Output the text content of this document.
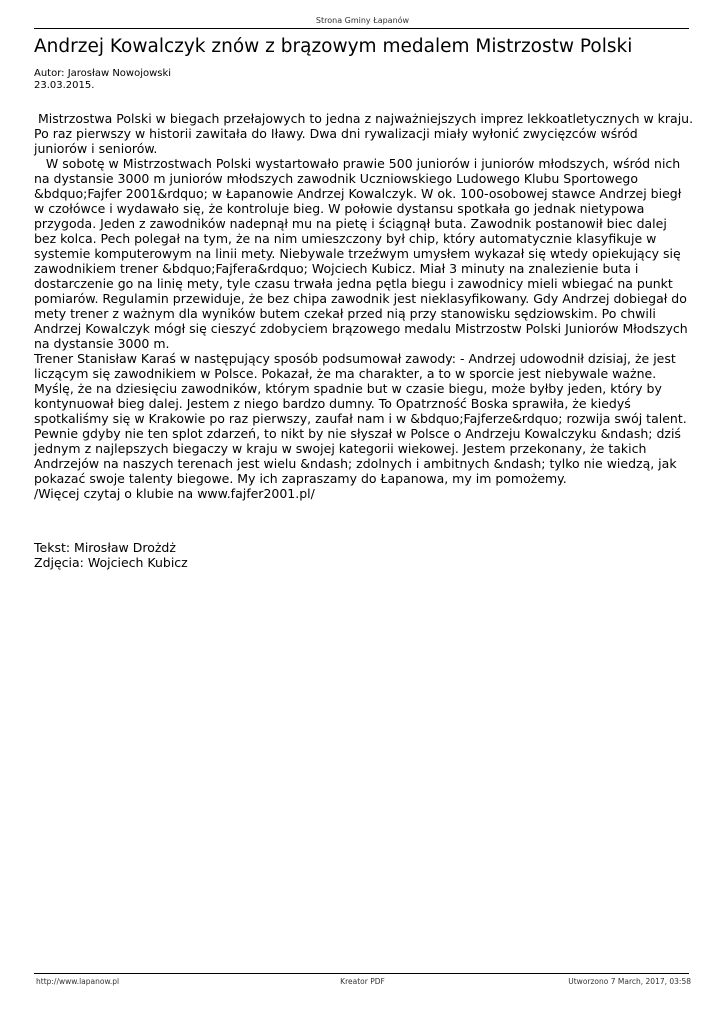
Strona Gminy Łapanów
Andrzej Kowalczyk znów z brązowym medalem Mistrzostw Polski
Autor: Jarosław Nowojowski
23.03.2015.
Mistrzostwa Polski w biegach przełajowych to jedna z najważniejszych imprez lekkoatletycznych w kraju. Po raz pierwszy w historii zawitała do Iławy. Dwa dni rywalizacji miały wyłonić zwycięzców wśród juniorów i seniorów.
W sobotę w Mistrzostwach Polski wystartowało prawie 500 juniorów i juniorów młodszych, wśród nich na dystansie 3000 m juniorów młodszych zawodnik Uczniowskiego Ludowego Klubu Sportowego &bdquo;Fajfer 2001&rdquo; w Łapanowie Andrzej Kowalczyk. W ok. 100-osobowej stawce Andrzej biegł w czołówce i wydawało się, że kontroluje bieg. W połowie dystansu spotkała go jednak nietypowa przygoda. Jeden z zawodników nadepnął mu na pietę i ściągnął buta. Zawodnik postanowił biec dalej  bez kolca. Pech polegał na tym, że na nim umieszczony był chip, który automatycznie klasyfikuje w systemie komputerowym na linii mety. Niebywale trzeźwym umysłem wykazał się wtedy opiekujący się zawodnikiem trener &bdquo;Fajfera&rdquo; Wojciech Kubicz. Miał 3 minuty na znalezienie buta i dostarczenie go na linię mety, tyle czasu trwała jedna pętla biegu i zawodnicy mieli wbiegać na punkt pomiarów. Regulamin przewiduje, że bez chipa zawodnik jest nieklasyfikowany. Gdy Andrzej dobiegał do mety trener z ważnym dla wyników butem czekał przed nią przy stanowisku sędziowskim. Po chwili Andrzej Kowalczyk mógł się cieszyć zdobyciem brązowego medalu Mistrzostw Polski Juniorów Młodszych na dystansie 3000 m.
Trener Stanisław Karaś w następujący sposób podsumował zawody: - Andrzej udowodnił dzisiaj, że jest liczącym się zawodnikiem w Polsce. Pokazał, że ma charakter, a to w sporcie jest niebywale ważne. Myślę, że na dziesięciu zawodników, którym spadnie but w czasie biegu, może byłby jeden, który by kontynuował bieg dalej. Jestem z niego bardzo dumny. To Opatrzność Boska sprawiła, że kiedyś spotkaliśmy się w Krakowie po raz pierwszy, zaufał nam i w &bdquo;Fajferze&rdquo; rozwija swój talent. Pewnie gdyby nie ten splot zdarzeń, to nikt by nie słyszał w Polsce o Andrzeju Kowalczyku &ndash; dziś jednym z najlepszych biegaczy w kraju w swojej kategorii wiekowej. Jestem przekonany, że takich Andrzejów na naszych terenach jest wielu &ndash; zdolnych i ambitnych &ndash; tylko nie wiedzą, jak pokazać swoje talenty biegowe. My ich zapraszamy do Łapanowa, my im pomożemy.
/Więcej czytaj o klubie na www.fajfer2001.pl/
Tekst: Mirosław Drożdż
Zdjęcia: Wojciech Kubicz
http://www.lapanow.pl	Kreator PDF	Utworzono 7 March, 2017, 03:58
